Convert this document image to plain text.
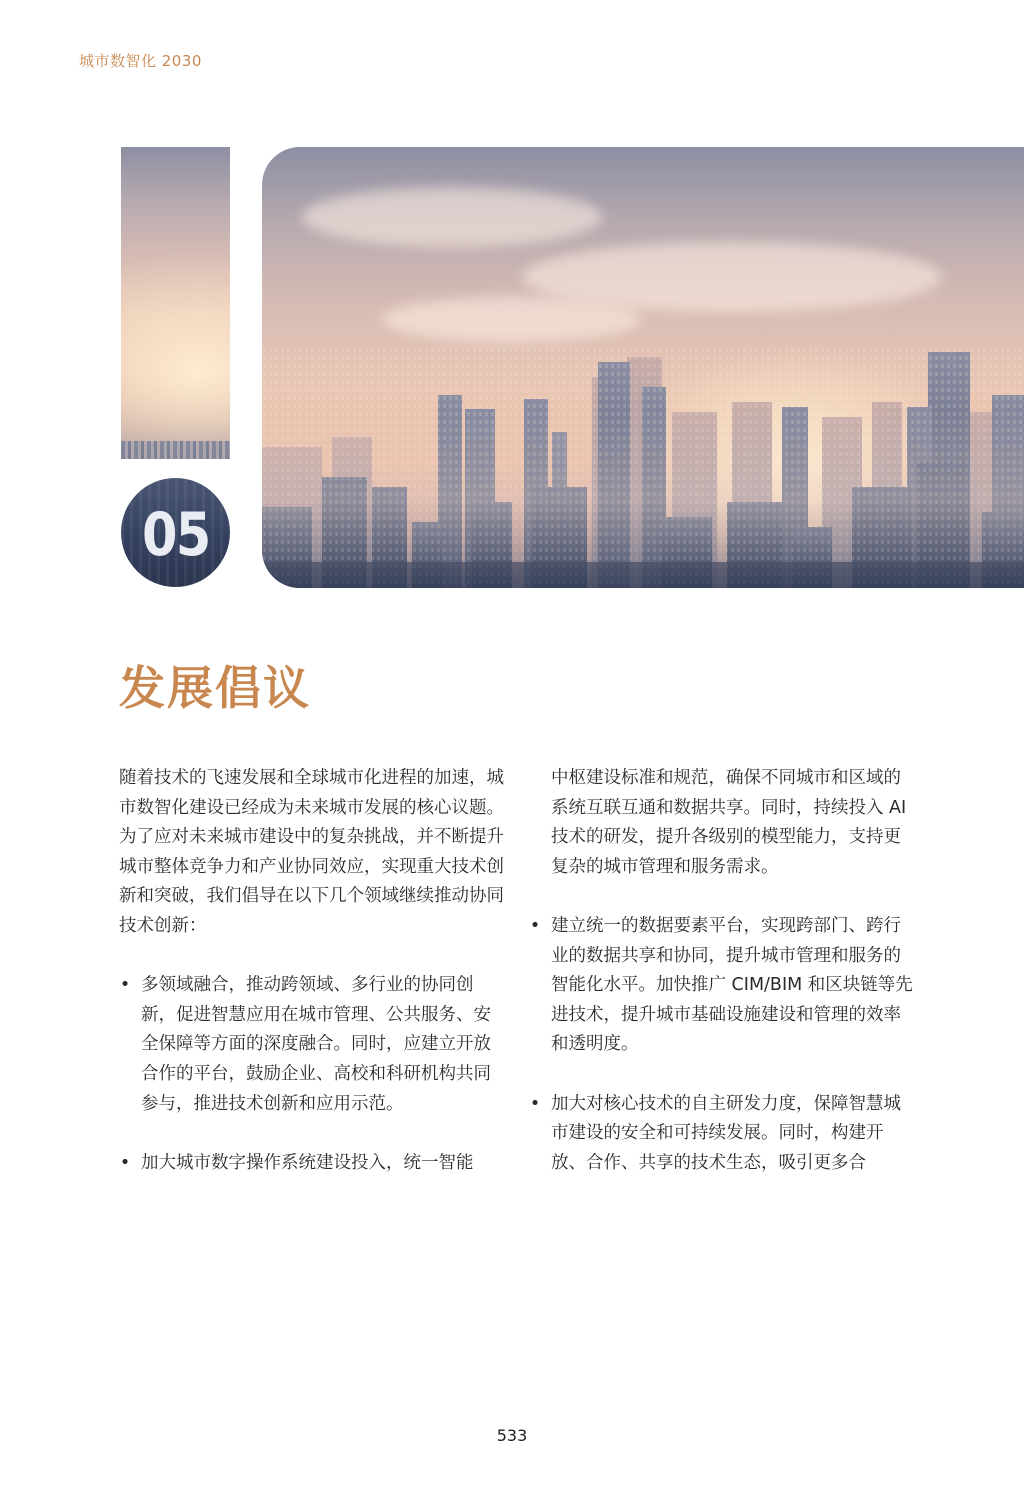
城市数智化 2030
05
发展倡议

随着技术的飞速发展和全球城市化进程的加速，城市数智化建设已经成为未来城市发展的核心议题。为了应对未来城市建设中的复杂挑战，并不断提升城市整体竞争力和产业协同效应，实现重大技术创新和突破，我们倡导在以下几个领域继续推动协同技术创新：

• 多领域融合，推动跨领域、多行业的协同创新，促进智慧应用在城市管理、公共服务、安全保障等方面的深度融合。同时，应建立开放合作的平台，鼓励企业、高校和科研机构共同参与，推进技术创新和应用示范。

• 加大城市数字操作系统建设投入，统一智能

中枢建设标准和规范，确保不同城市和区域的系统互联互通和数据共享。同时，持续投入 AI 技术的研发，提升各级别的模型能力，支持更复杂的城市管理和服务需求。

• 建立统一的数据要素平台，实现跨部门、跨行业的数据共享和协同，提升城市管理和服务的智能化水平。加快推广 CIM/BIM 和区块链等先进技术，提升城市基础设施建设和管理的效率和透明度。

• 加大对核心技术的自主研发力度，保障智慧城市建设的安全和可持续发展。同时，构建开放、合作、共享的技术生态，吸引更多合

533
